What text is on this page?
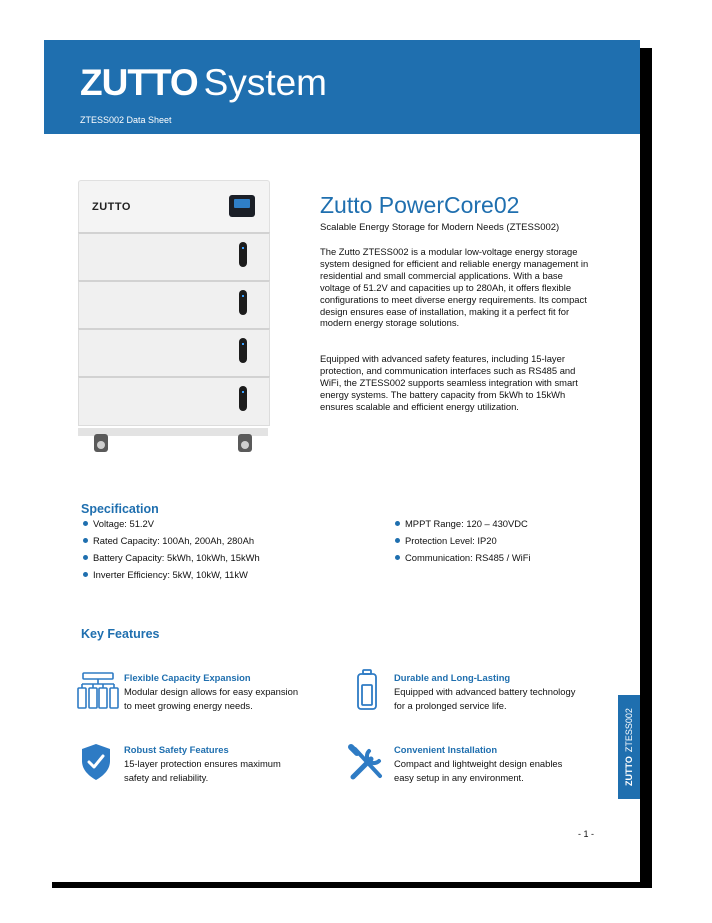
ZUTTO System
ZTESS002 Data Sheet
ZUTTO	Zutto PowerCore02
Scalable Energy Storage for Modern Needs (ZTESS002)

The Zutto ZTESS002 is a modular low-voltage energy storage system designed for efficient and reliable energy management in residential and small commercial applications. With a base voltage of 51.2V and capacities up to 280Ah, it offers flexible configurations to meet diverse energy requirements. Its compact design ensures ease of installation, making it a perfect fit for modern energy storage solutions.

Equipped with advanced safety features, including 15-layer protection, and communication interfaces such as RS485 and WiFi, the ZTESS002 supports seamless integration with smart energy systems. The battery capacity from 5kWh to 15kWh ensures scalable and efficient energy utilization.

Specification
Voltage: 51.2V
Rated Capacity: 100Ah, 200Ah, 280Ah
Battery Capacity: 5kWh, 10kWh, 15kWh
Inverter Efficiency: 5kW, 10kW, 11kW
MPPT Range: 120 – 430VDC
Protection Level: IP20
Communication: RS485 / WiFi
Key Features

Flexible Capacity Expansion

Modular design allows for easy expansion

to meet growing energy needs.

Durable and Long-Lasting

Equipped with advanced battery technology

for a prolonged service life.

Robust Safety Features

15-layer protection ensures maximum

safety and reliability.

Convenient Installation

Compact and lightweight design enables

easy setup in any environment.

- 1 -
ZUTTOZTESS002
